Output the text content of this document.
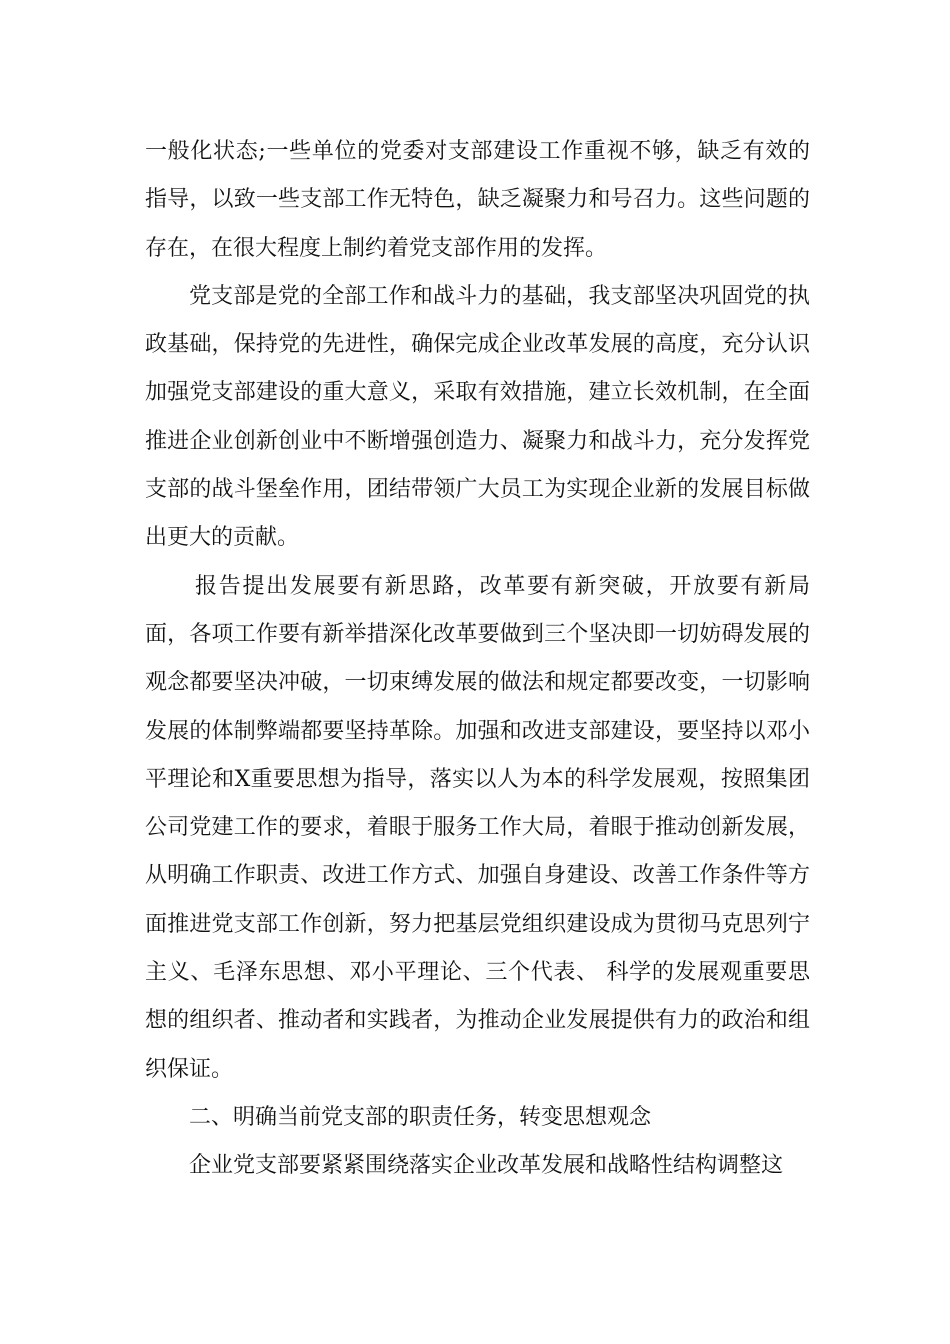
一般化状态;一些单位的党委对支部建设工作重视不够，缺乏有效的指导，以致一些支部工作无特色，缺乏凝聚力和号召力。这些问题的存在，在很大程度上制约着党支部作用的发挥。

党支部是党的全部工作和战斗力的基础，我支部坚决巩固党的执政基础，保持党的先进性，确保完成企业改革发展的高度，充分认识加强党支部建设的重大意义，采取有效措施，建立长效机制，在全面推进企业创新创业中不断增强创造力、凝聚力和战斗力，充分发挥党支部的战斗堡垒作用，团结带领广大员工为实现企业新的发展目标做出更大的贡献。

报告提出发展要有新思路，改革要有新突破，开放要有新局面，各项工作要有新举措深化改革要做到三个坚决即一切妨碍发展的观念都要坚决冲破，一切束缚发展的做法和规定都要改变，一切影响发展的体制弊端都要坚持革除。加强和改进支部建设，要坚持以邓小平理论和X重要思想为指导，落实以人为本的科学发展观，按照集团公司党建工作的要求，着眼于服务工作大局，着眼于推动创新发展，从明确工作职责、改进工作方式、加强自身建设、改善工作条件等方面推进党支部工作创新，努力把基层党组织建设成为贯彻马克思列宁主义、毛泽东思想、邓小平理论、三个代表、 科学的发展观重要思想的组织者、推动者和实践者，为推动企业发展提供有力的政治和组织保证。

二、明确当前党支部的职责任务，转变思想观念

企业党支部要紧紧围绕落实企业改革发展和战略性结构调整这
